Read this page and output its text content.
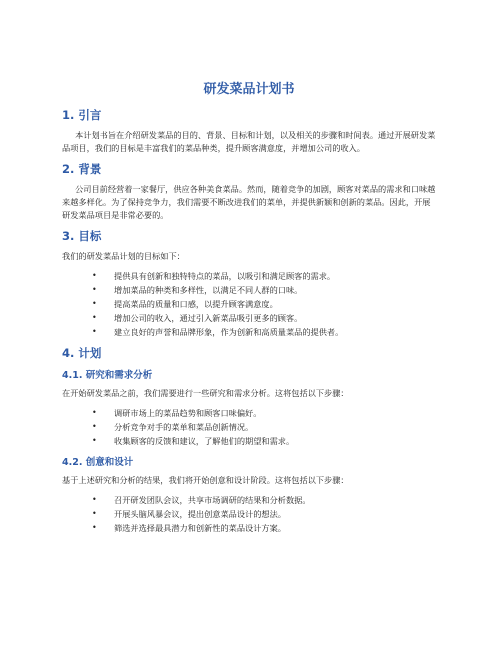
研发菜品计划书
1. 引言

本计划书旨在介绍研发菜品的目的、背景、目标和计划，以及相关的步骤和时间表。通过开展研发菜品项目，我们的目标是丰富我们的菜品种类，提升顾客满意度，并增加公司的收入。

2. 背景

公司目前经营着一家餐厅，供应各种美食菜品。然而，随着竞争的加剧，顾客对菜品的需求和口味越来越多样化。为了保持竞争力，我们需要不断改进我们的菜单，并提供新颖和创新的菜品。因此，开展研发菜品项目是非常必要的。

3. 目标

我们的研发菜品计划的目标如下：

• 提供具有创新和独特特点的菜品，以吸引和满足顾客的需求。
• 增加菜品的种类和多样性，以满足不同人群的口味。
• 提高菜品的质量和口感，以提升顾客满意度。
• 增加公司的收入，通过引入新菜品吸引更多的顾客。
• 建立良好的声誉和品牌形象，作为创新和高质量菜品的提供者。
4. 计划
4.1. 研究和需求分析

在开始研发菜品之前，我们需要进行一些研究和需求分析。这将包括以下步骤：

• 调研市场上的菜品趋势和顾客口味偏好。
• 分析竞争对手的菜单和菜品创新情况。
• 收集顾客的反馈和建议，了解他们的期望和需求。
4.2. 创意和设计

基于上述研究和分析的结果，我们将开始创意和设计阶段。这将包括以下步骤：

• 召开研发团队会议，共享市场调研的结果和分析数据。
• 开展头脑风暴会议，提出创意菜品设计的想法。
• 筛选并选择最具潜力和创新性的菜品设计方案。
